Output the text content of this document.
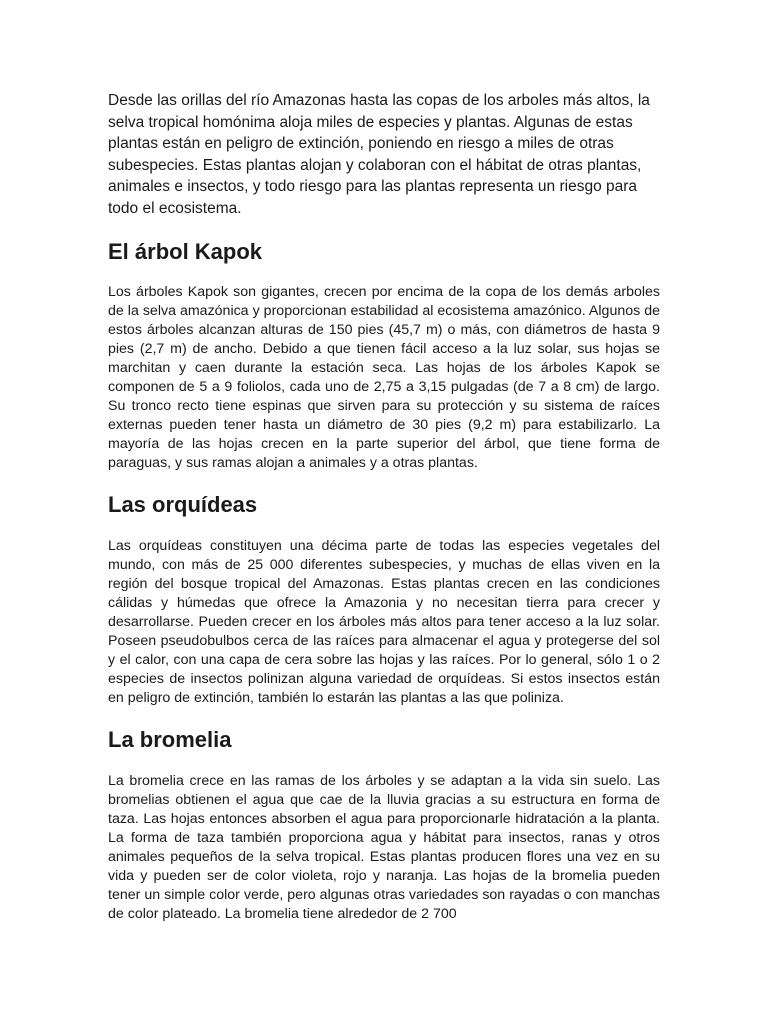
Desde las orillas del río Amazonas hasta las copas de los arboles más altos, la selva tropical homónima aloja miles de especies y plantas. Algunas de estas plantas están en peligro de extinción, poniendo en riesgo a miles de otras subespecies. Estas plantas alojan y colaboran con el hábitat de otras plantas, animales e insectos, y todo riesgo para las plantas representa un riesgo para todo el ecosistema.

El árbol Kapok

Los árboles Kapok son gigantes, crecen por encima de la copa de los demás arboles de la selva amazónica y proporcionan estabilidad al ecosistema amazónico. Algunos de estos árboles alcanzan alturas de 150 pies (45,7 m) o más, con diámetros de hasta 9 pies (2,7 m) de ancho. Debido a que tienen fácil acceso a la luz solar, sus hojas se marchitan y caen durante la estación seca. Las hojas de los árboles Kapok se componen de 5 a 9 foliolos, cada uno de 2,75 a 3,15 pulgadas (de 7 a 8 cm) de largo. Su tronco recto tiene espinas que sirven para su protección y su sistema de raíces externas pueden tener hasta un diámetro de 30 pies (9,2 m) para estabilizarlo. La mayoría de las hojas crecen en la parte superior del árbol, que tiene forma de paraguas, y sus ramas alojan a animales y a otras plantas.

Las orquídeas

Las orquídeas constituyen una décima parte de todas las especies vegetales del mundo, con más de 25 000 diferentes subespecies, y muchas de ellas viven en la región del bosque tropical del Amazonas. Estas plantas crecen en las condiciones cálidas y húmedas que ofrece la Amazonia y no necesitan tierra para crecer y desarrollarse. Pueden crecer en los árboles más altos para tener acceso a la luz solar. Poseen pseudobulbos cerca de las raíces para almacenar el agua y protegerse del sol y el calor, con una capa de cera sobre las hojas y las raíces. Por lo general, sólo 1 o 2 especies de insectos polinizan alguna variedad de orquídeas. Si estos insectos están en peligro de extinción, también lo estarán las plantas a las que poliniza.

La bromelia

La bromelia crece en las ramas de los árboles y se adaptan a la vida sin suelo. Las bromelias obtienen el agua que cae de la lluvia gracias a su estructura en forma de taza. Las hojas entonces absorben el agua para proporcionarle hidratación a la planta. La forma de taza también proporciona agua y hábitat para insectos, ranas y otros animales pequeños de la selva tropical. Estas plantas producen flores una vez en su vida y pueden ser de color violeta, rojo y naranja. Las hojas de la bromelia pueden tener un simple color verde, pero algunas otras variedades son rayadas o con manchas de color plateado. La bromelia tiene alrededor de 2 700
